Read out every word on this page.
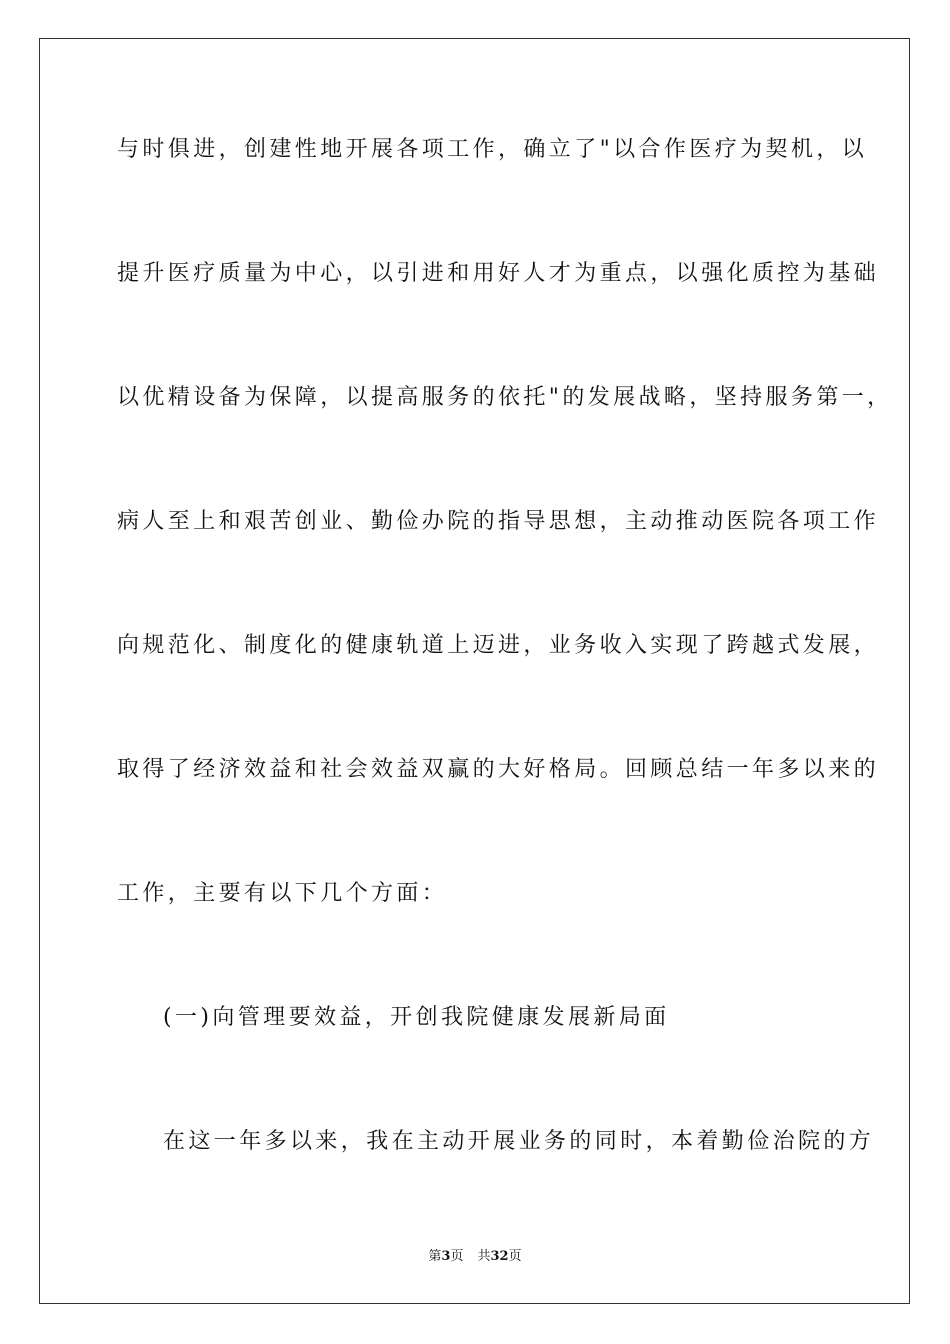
与时俱进，创建性地开展各项工作，确立了"以合作医疗为契机，以
提升医疗质量为中心，以引进和用好人才为重点，以强化质控为基础
以优精设备为保障，以提高服务的依托"的发展战略，坚持服务第一，
病人至上和艰苦创业、勤俭办院的指导思想，主动推动医院各项工作
向规范化、制度化的健康轨道上迈进，业务收入实现了跨越式发展，
取得了经济效益和社会效益双赢的大好格局。回顾总结一年多以来的
工作，主要有以下几个方面：
(一)向管理要效益，开创我院健康发展新局面
在这一年多以来，我在主动开展业务的同时，本着勤俭治院的方
第3页 共32页
